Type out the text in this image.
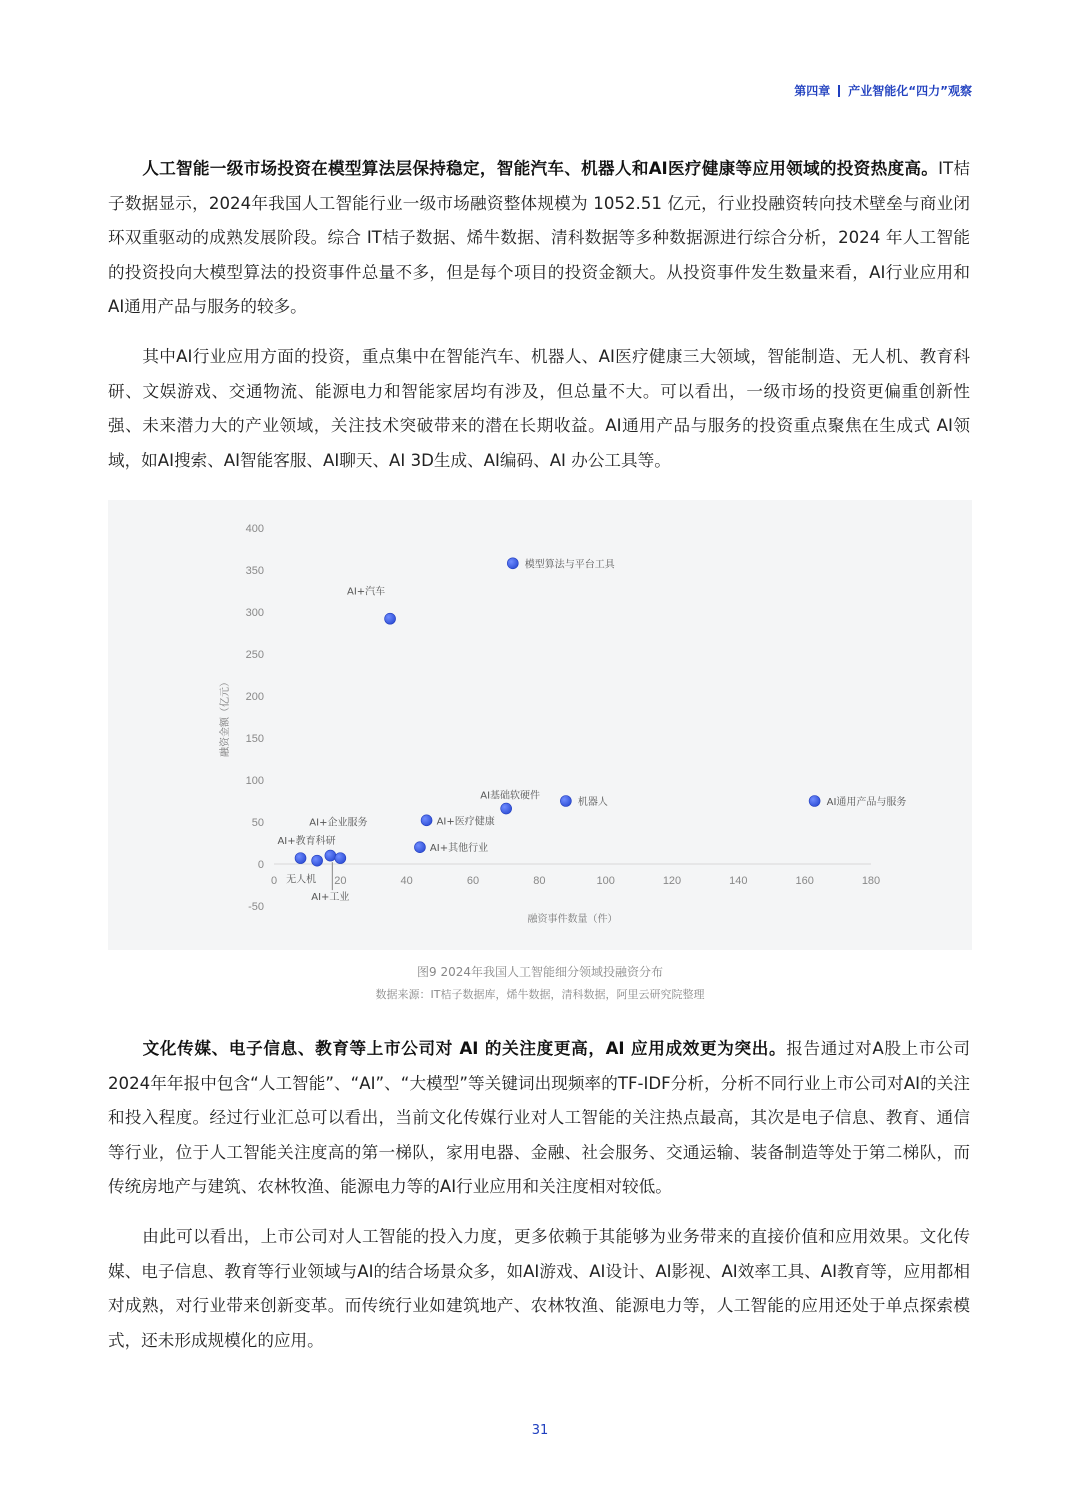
第四章 产业智能化“四力”观察
人工智能一级市场投资在模型算法层保持稳定，智能汽车、机器人和AI医疗健康等应用领域的投资热度高。IT桔子数据显示，2024年我国人工智能行业一级市场融资整体规模为 1052.51 亿元，行业投融资转向技术壁垒与商业闭环双重驱动的成熟发展阶段。综合 IT桔子数据、烯牛数据、清科数据等多种数据源进行综合分析，2024 年人工智能的投资投向大模型算法的投资事件总量不多，但是每个项目的投资金额大。从投资事件发生数量来看，AI行业应用和AI通用产品与服务的较多。
其中AI行业应用方面的投资，重点集中在智能汽车、机器人、AI医疗健康三大领域，智能制造、无人机、教育科研、文娱游戏、交通物流、能源电力和智能家居均有涉及，但总量不大。可以看出，一级市场的投资更偏重创新性强、未来潜力大的产业领域，关注技术突破带来的潜在长期收益。AI通用产品与服务的投资重点聚焦在生成式 AI领域，如AI搜索、AI智能客服、AI聊天、AI 3D生成、AI编码、AI 办公工具等。
-50
0
50
100
150
200
250
300
350
400
0	20	40	60	80	100	120	140	160	180
融资事件数量（件）
融资金额（亿元）
模型算法与平台工具
AI+汽车
AI通用产品与服务
机器人
AI基础软硬件
AI+医疗健康
AI+其他行业
AI+企业服务
AI+教育科研
无人机
AI+工业
图9 2024年我国人工智能细分领域投融资分布
数据来源：IT桔子数据库，烯牛数据，清科数据，阿里云研究院整理
文化传媒、电子信息、教育等上市公司对 AI 的关注度更高，AI 应用成效更为突出。报告通过对A股上市公司2024年年报中包含“人工智能”、“AI”、“大模型”等关键词出现频率的TF-IDF分析，分析不同行业上市公司对AI的关注和投入程度。经过行业汇总可以看出，当前文化传媒行业对人工智能的关注热点最高，其次是电子信息、教育、通信等行业，位于人工智能关注度高的第一梯队，家用电器、金融、社会服务、交通运输、装备制造等处于第二梯队，而传统房地产与建筑、农林牧渔、能源电力等的AI行业应用和关注度相对较低。
由此可以看出，上市公司对人工智能的投入力度，更多依赖于其能够为业务带来的直接价值和应用效果。文化传媒、电子信息、教育等行业领域与AI的结合场景众多，如AI游戏、AI设计、AI影视、AI效率工具、AI教育等，应用都相对成熟，对行业带来创新变革。而传统行业如建筑地产、农林牧渔、能源电力等，人工智能的应用还处于单点探索模式，还未形成规模化的应用。
31
